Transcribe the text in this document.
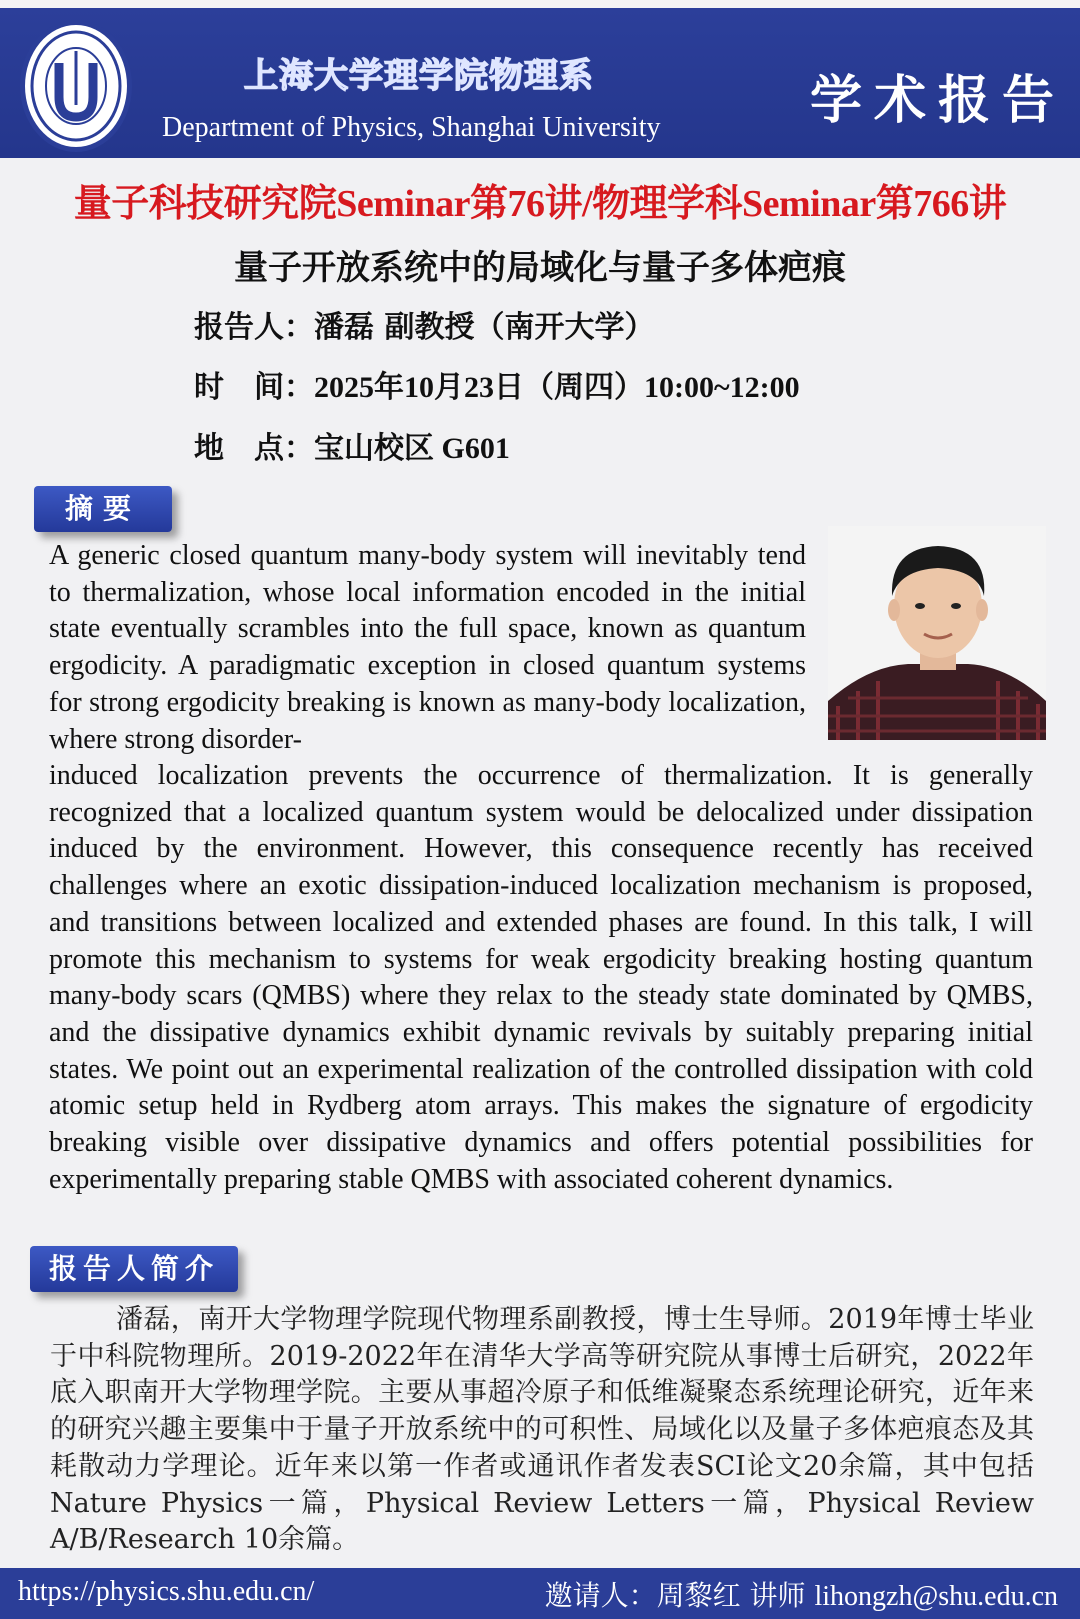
上海大学理学院物理系
Department of Physics, Shanghai University	学术报告
量子科技研究院Seminar第76讲/物理学科Seminar第766讲
量子开放系统中的局域化与量子多体疤痕
报告人：潘磊 副教授（南开大学）
时　间：2025年10月23日（周四）10:00~12:00
地　点：宝山校区 G601
摘要
A generic closed quantum many-body system will inevitably tend to thermalization, whose local information encoded in the initial state eventually scrambles into the full space, known as quantum ergodicity. A paradigmatic exception in closed quantum systems for strong ergodicity breaking is known as many-body localization, where strong disorder-
induced localization prevents the occurrence of thermalization. It is generally recognized that a localized quantum system would be delocalized under dissipation induced by the environment. However, this consequence recently has received challenges where an exotic dissipation-induced localization mechanism is proposed, and transitions between localized and extended phases are found. In this talk, I will promote this mechanism to systems for weak ergodicity breaking hosting quantum many-body scars (QMBS) where they relax to the steady state dominated by QMBS, and the dissipative dynamics exhibit dynamic revivals by suitably preparing initial states. We point out an experimental realization of the controlled dissipation with cold atomic setup held in Rydberg atom arrays. This makes the signature of ergodicity breaking visible over dissipative dynamics and offers potential possibilities for experimentally preparing stable QMBS with associated coherent dynamics.
报告人简介
潘磊，南开大学物理学院现代物理系副教授，博士生导师。2019年博士毕业于中科院物理所。2019-2022年在清华大学高等研究院从事博士后研究，2022年底入职南开大学物理学院。主要从事超冷原子和低维凝聚态系统理论研究，近年来的研究兴趣主要集中于量子开放系统中的可积性、局域化以及量子多体疤痕态及其耗散动力学理论。近年来以第一作者或通讯作者发表SCI论文20余篇，其中包括Nature Physics一篇，Physical Review Letters一篇，Physical Review A/B/Research 10余篇。
https://physics.shu.edu.cn/	邀请人：周黎红 讲师 lihongzh@shu.edu.cn
